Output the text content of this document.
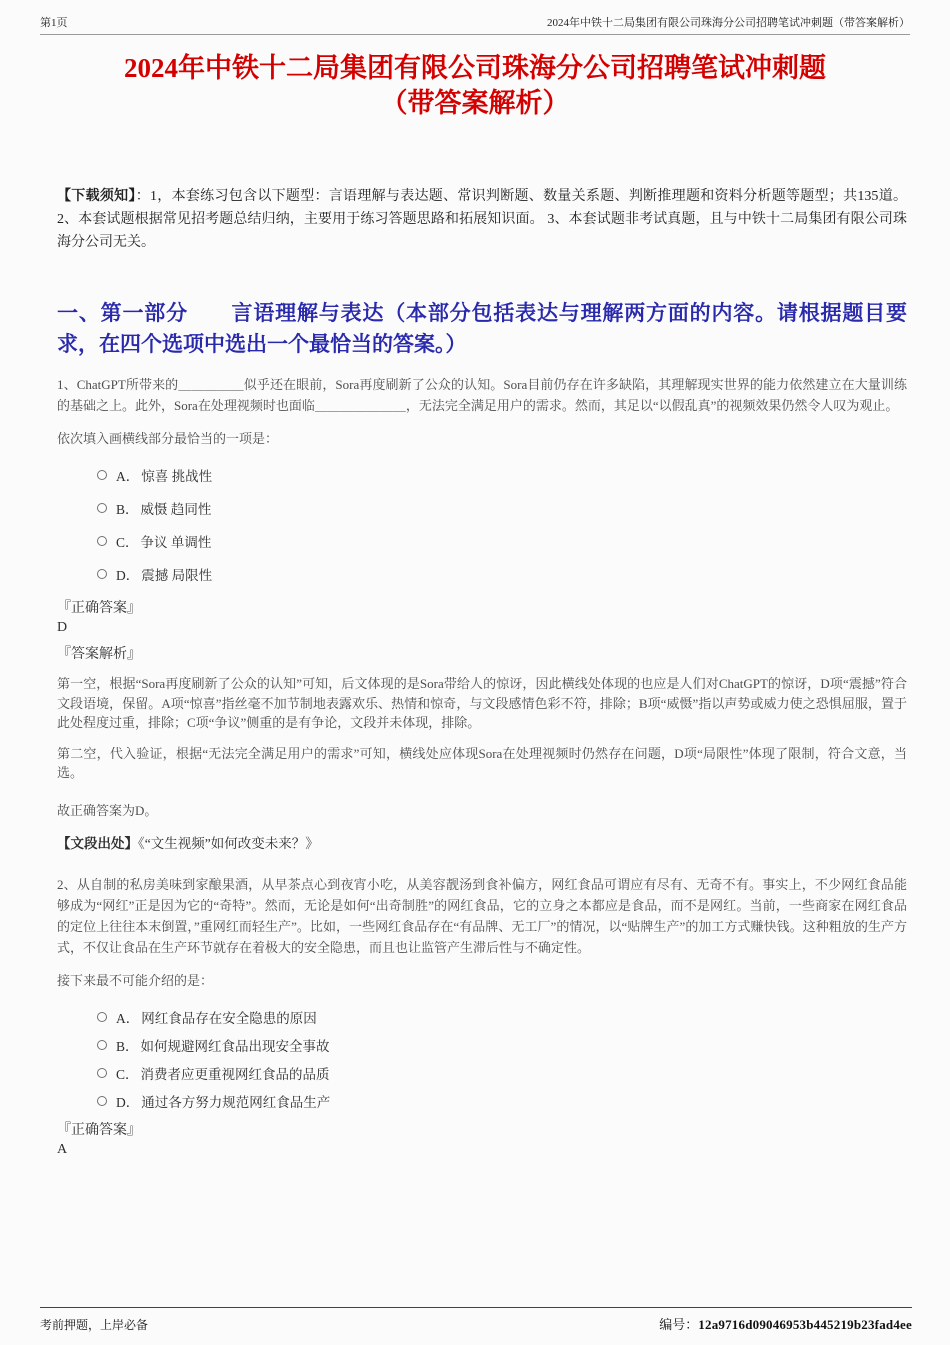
第1页	2024年中铁十二局集团有限公司珠海分公司招聘笔试冲刺题（带答案解析）
2024年中铁十二局集团有限公司珠海分公司招聘笔试冲刺题
（带答案解析）

【下载须知】：1，本套练习包含以下题型：言语理解与表达题、常识判断题、数量关系题、判断推理题和资料分析题等题型；共135道。 2、本套试题根据常见招考题总结归纳，主要用于练习答题思路和拓展知识面。 3、本套试题非考试真题，且与中铁十二局集团有限公司珠海分公司无关。

一、第一部分　　言语理解与表达（本部分包括表达与理解两方面的内容。请根据题目要求，在四个选项中选出一个最恰当的答案。）

1、ChatGPT所带来的＿＿＿＿＿似乎还在眼前，Sora再度刷新了公众的认知。Sora目前仍存在许多缺陷，其理解现实世界的能力依然建立在大量训练的基础之上。此外，Sora在处理视频时也面临＿＿＿＿＿＿＿，无法完全满足用户的需求。然而，其足以“以假乱真”的视频效果仍然令人叹为观止。

依次填入画横线部分最恰当的一项是：

A． 惊喜 挑战性
B． 威慑 趋同性
C． 争议 单调性
D． 震撼 局限性
『正确答案』
D
『答案解析』

第一空，根据“Sora再度刷新了公众的认知”可知，后文体现的是Sora带给人的惊讶，因此横线处体现的也应是人们对ChatGPT的惊讶，D项“震撼”符合文段语境，保留。A项“惊喜”指丝毫不加节制地表露欢乐、热情和惊奇，与文段感情色彩不符，排除；B项“威慑”指以声势或威力使之恐惧屈服，置于此处程度过重，排除；C项“争议”侧重的是有争论，文段并未体现，排除。

第二空，代入验证，根据“无法完全满足用户的需求”可知，横线处应体现Sora在处理视频时仍然存在问题，D项“局限性”体现了限制，符合文意，当选。

故正确答案为D。

【文段出处】《“文生视频”如何改变未来？》

2、从自制的私房美味到家酿果酒，从早茶点心到夜宵小吃，从美容靓汤到食补偏方，网红食品可谓应有尽有、无奇不有。事实上，不少网红食品能够成为“网红”正是因为它的“奇特”。然而，无论是如何“出奇制胜”的网红食品，它的立身之本都应是食品，而不是网红。当前，一些商家在网红食品的定位上往往本末倒置，”重网红而轻生产”。比如，一些网红食品存在“有品牌、无工厂”的情况，以“贴牌生产”的加工方式赚快钱。这种粗放的生产方式，不仅让食品在生产环节就存在着极大的安全隐患，而且也让监管产生滞后性与不确定性。

接下来最不可能介绍的是：

A． 网红食品存在安全隐患的原因
B． 如何规避网红食品出现安全事故
C． 消费者应更重视网红食品的品质
D． 通过各方努力规范网红食品生产
『正确答案』
A
考前押题，上岸必备	编号：12a9716d09046953b445219b23fad4ee
